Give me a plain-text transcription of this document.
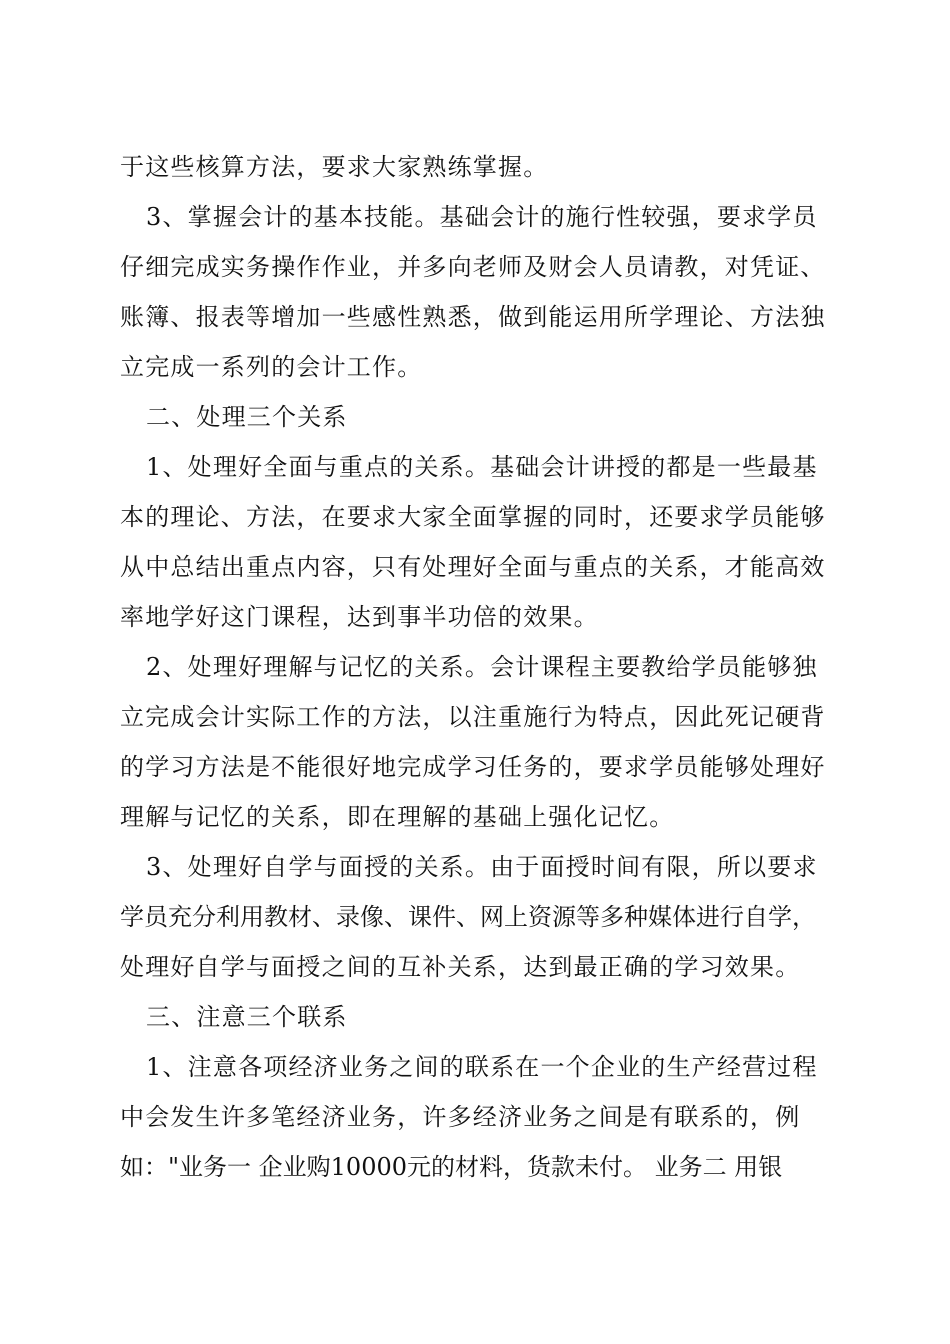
于这些核算方法，要求大家熟练掌握。
3、掌握会计的基本技能。基础会计的施行性较强，要求学员
仔细完成实务操作作业，并多向老师及财会人员请教，对凭证、
账簿、报表等增加一些感性熟悉，做到能运用所学理论、方法独
立完成一系列的会计工作。
二、处理三个关系
1、处理好全面与重点的关系。基础会计讲授的都是一些最基
本的理论、方法，在要求大家全面掌握的同时，还要求学员能够
从中总结出重点内容，只有处理好全面与重点的关系，才能高效
率地学好这门课程，达到事半功倍的效果。
2、处理好理解与记忆的关系。会计课程主要教给学员能够独
立完成会计实际工作的方法，以注重施行为特点，因此死记硬背
的学习方法是不能很好地完成学习任务的，要求学员能够处理好
理解与记忆的关系，即在理解的基础上强化记忆。
3、处理好自学与面授的关系。由于面授时间有限，所以要求
学员充分利用教材、录像、课件、网上资源等多种媒体进行自学，
处理好自学与面授之间的互补关系，达到最正确的学习效果。
三、注意三个联系
1、注意各项经济业务之间的联系在一个企业的生产经营过程
中会发生许多笔经济业务，许多经济业务之间是有联系的，例
如："业务一 企业购10000元的材料，货款未付。 业务二 用银
